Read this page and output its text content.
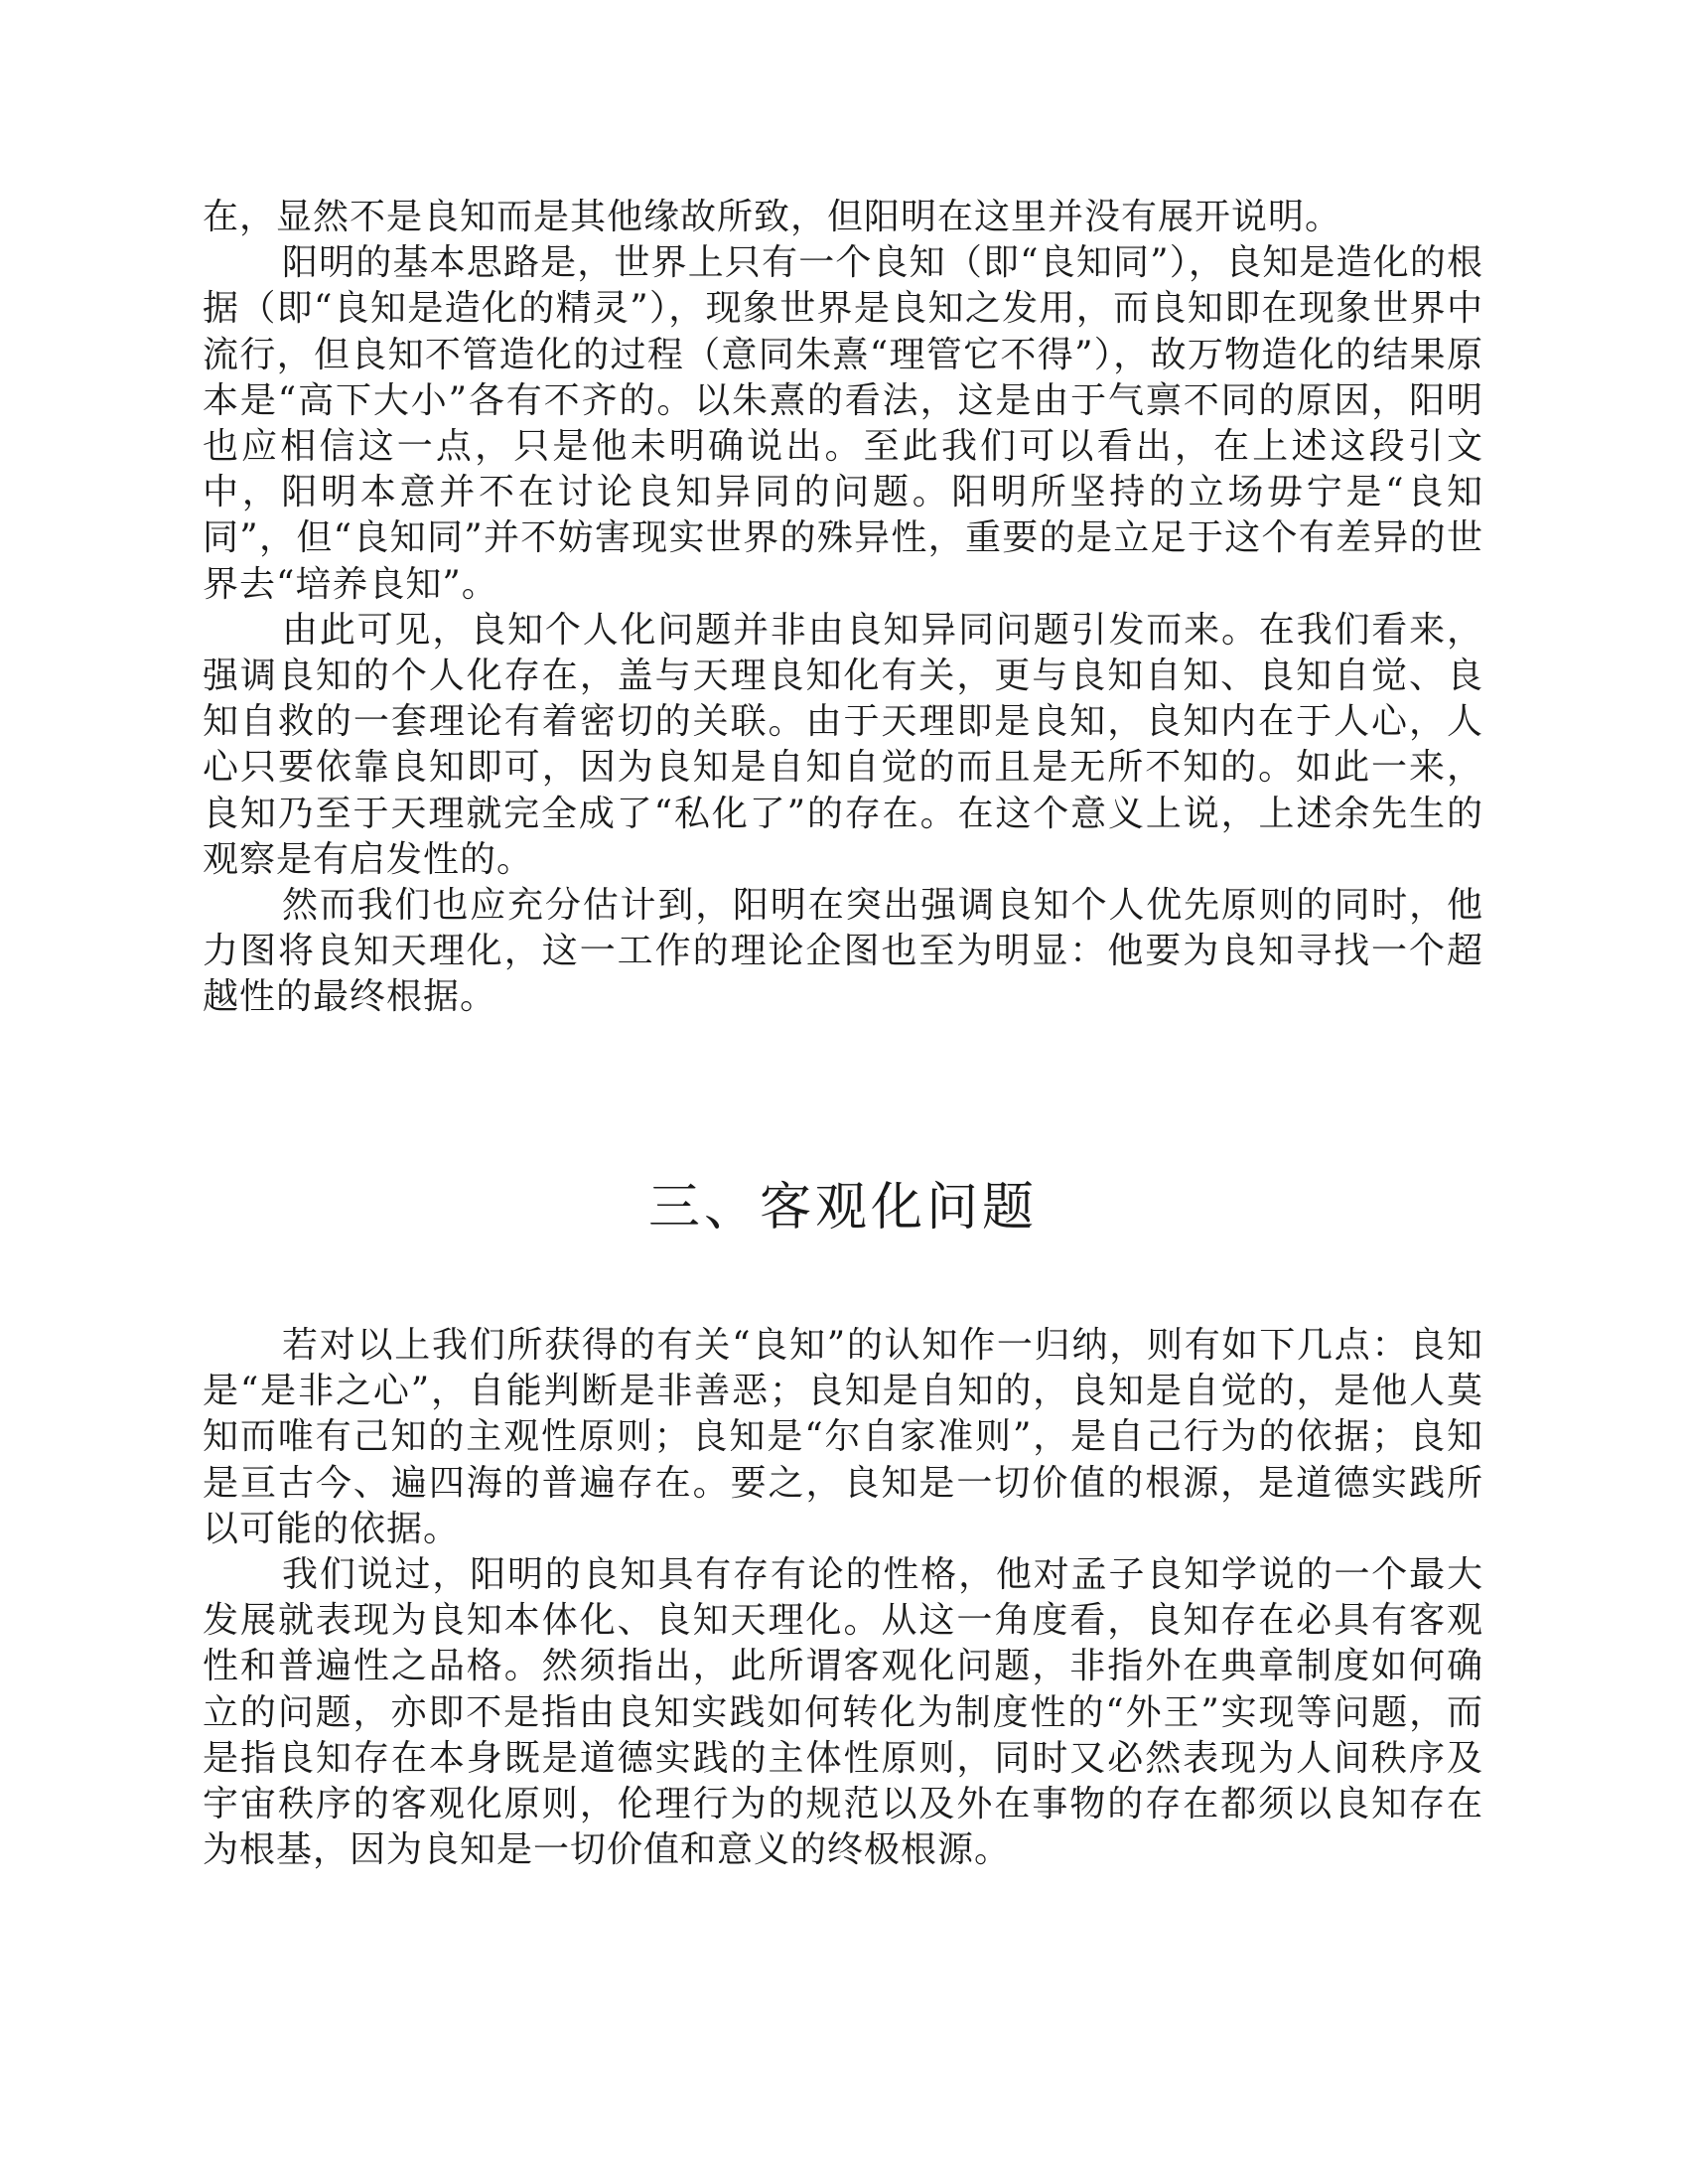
在，显然不是良知而是其他缘故所致，但阳明在这里并没有展开说明。

阳明的基本思路是，世界上只有一个良知（即“良知同”），良知是造化的根据（即“良知是造化的精灵”），现象世界是良知之发用，而良知即在现象世界中流行，但良知不管造化的过程（意同朱熹“理管它不得”），故万物造化的结果原本是“高下大小”各有不齐的。以朱熹的看法，这是由于气禀不同的原因，阳明也应相信这一点，只是他未明确说出。至此我们可以看出，在上述这段引文中，阳明本意并不在讨论良知异同的问题。阳明所坚持的立场毋宁是“良知同”，但“良知同”并不妨害现实世界的殊异性，重要的是立足于这个有差异的世界去“培养良知”。

由此可见，良知个人化问题并非由良知异同问题引发而来。在我们看来，强调良知的个人化存在，盖与天理良知化有关，更与良知自知、良知自觉、良知自救的一套理论有着密切的关联。由于天理即是良知，良知内在于人心，人心只要依靠良知即可，因为良知是自知自觉的而且是无所不知的。如此一来，良知乃至于天理就完全成了“私化了”的存在。在这个意义上说，上述余先生的观察是有启发性的。

然而我们也应充分估计到，阳明在突出强调良知个人优先原则的同时，他力图将良知天理化，这一工作的理论企图也至为明显：他要为良知寻找一个超越性的最终根据。

三、客观化问题

若对以上我们所获得的有关“良知”的认知作一归纳，则有如下几点：良知是“是非之心”，自能判断是非善恶；良知是自知的，良知是自觉的，是他人莫知而唯有己知的主观性原则；良知是“尔自家准则”，是自己行为的依据；良知是亘古今、遍四海的普遍存在。要之，良知是一切价值的根源，是道德实践所以可能的依据。

我们说过，阳明的良知具有存有论的性格，他对孟子良知学说的一个最大发展就表现为良知本体化、良知天理化。从这一角度看，良知存在必具有客观性和普遍性之品格。然须指出，此所谓客观化问题，非指外在典章制度如何确立的问题，亦即不是指由良知实践如何转化为制度性的“外王”实现等问题，而是指良知存在本身既是道德实践的主体性原则，同时又必然表现为人间秩序及宇宙秩序的客观化原则，伦理行为的规范以及外在事物的存在都须以良知存在为根基，因为良知是一切价值和意义的终极根源。
